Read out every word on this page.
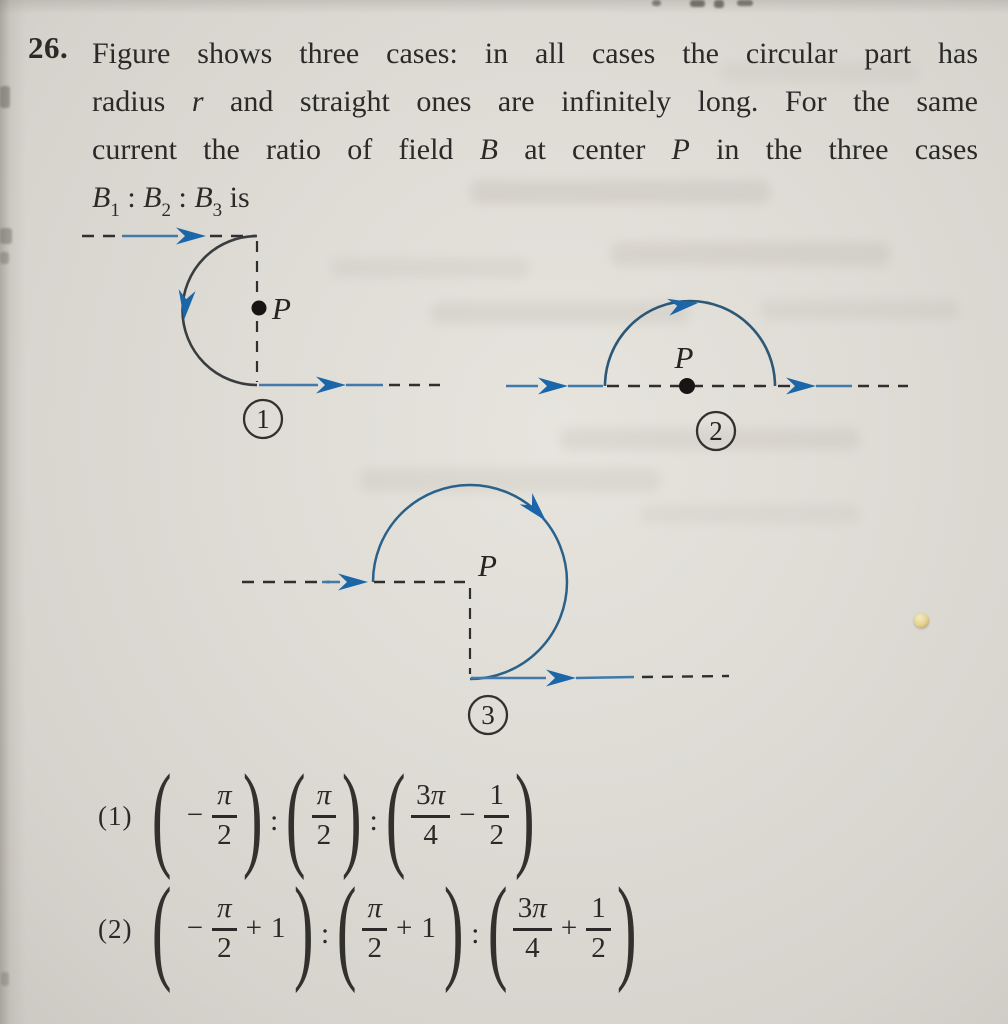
26. Figure shows three cases: in all cases the circular part has
radius r and straight ones are infinitely long. For the same
current the ratio of field B at center P in the three cases
$B_1$ : $B_2$ : $B_3$ is
P
1
P
2
P
3
(1) ( −
π
2 ) : ( π
2 ) : ( 3π
4
−
1
2 )
(2) ( −
π
2
+ 1 ) : ( π
2
+ 1 ) : ( 3π
4
+
1
2 )
